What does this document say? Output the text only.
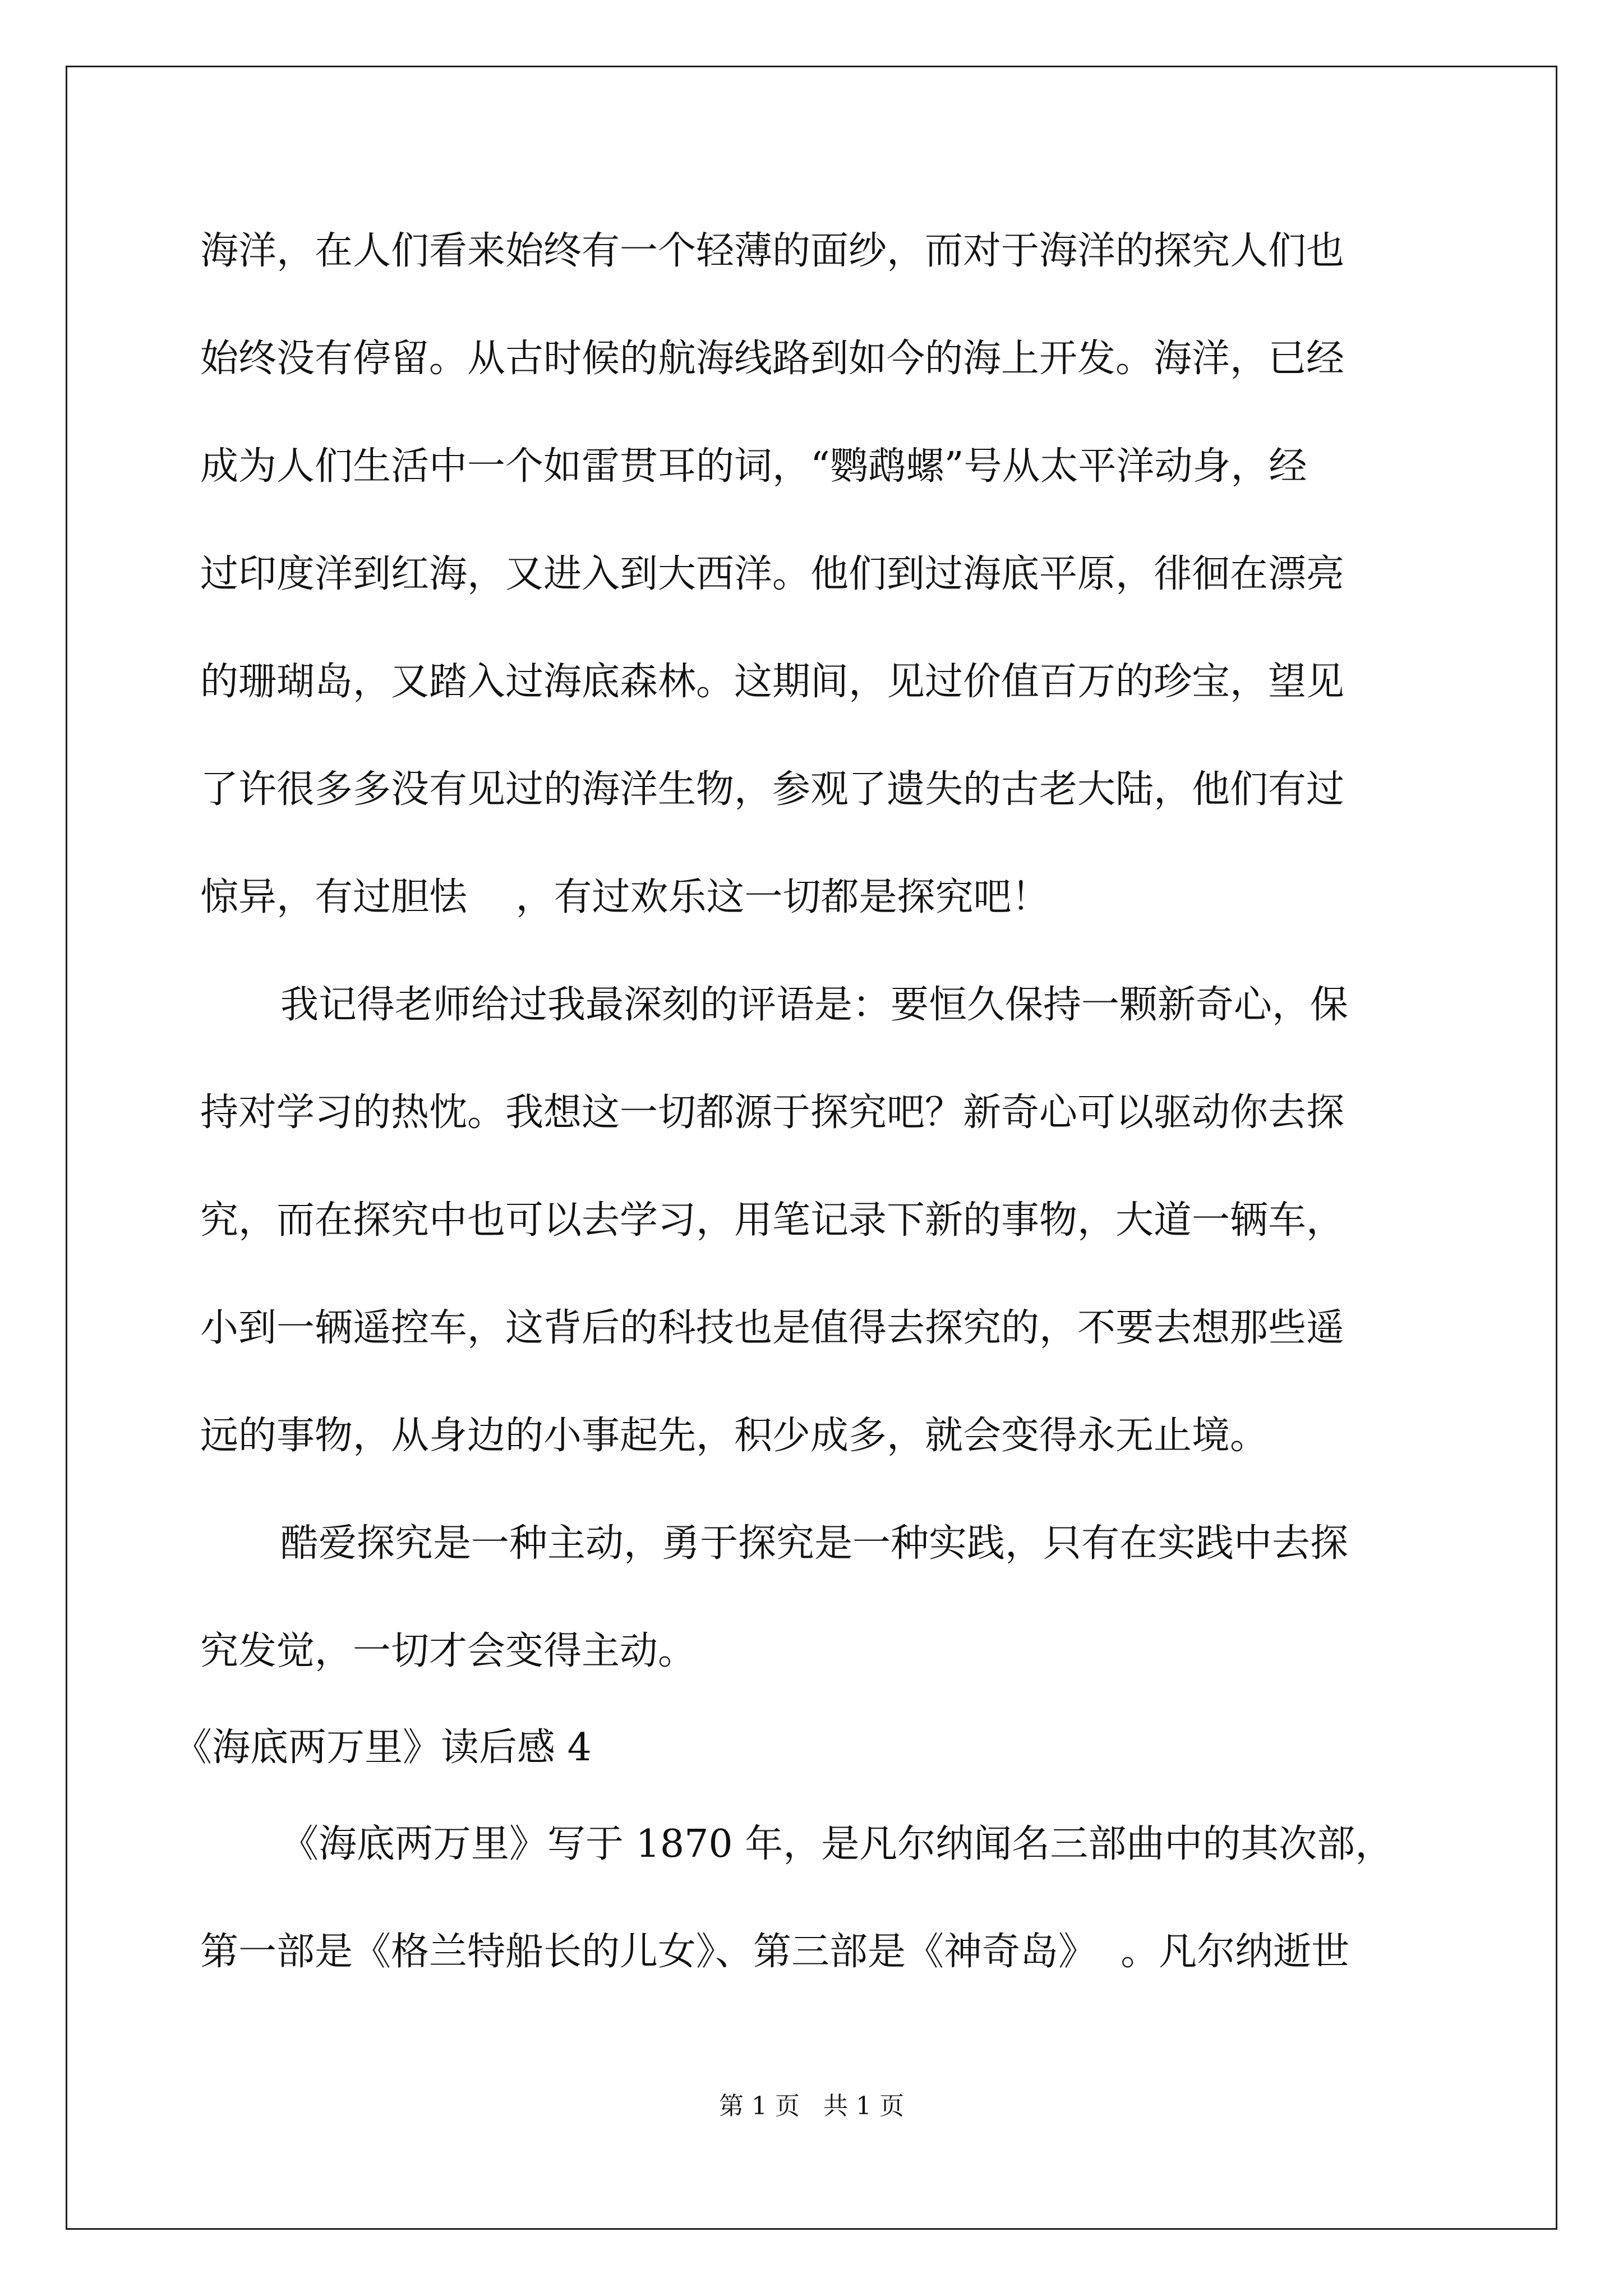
海洋，在人们看来始终有一个轻薄的面纱，而对于海洋的探究人们也
始终没有停留。从古时候的航海线路到如今的海上开发。海洋，已经
成为人们生活中一个如雷贯耳的词，“鹦鹉螺”号从太平洋动身，经
过印度洋到红海，又进入到大西洋。他们到过海底平原，徘徊在漂亮
的珊瑚岛，又踏入过海底森林。这期间，见过价值百万的珍宝，望见
了许很多多没有见过的海洋生物，参观了遗失的古老大陆，他们有过
惊异，有过胆怯    ，有过欢乐这一切都是探究吧！
我记得老师给过我最深刻的评语是：要恒久保持一颗新奇心，保
持对学习的热忱。我想这一切都源于探究吧？新奇心可以驱动你去探
究，而在探究中也可以去学习，用笔记录下新的事物，大道一辆车，
小到一辆遥控车，这背后的科技也是值得去探究的，不要去想那些遥
远的事物，从身边的小事起先，积少成多，就会变得永无止境。
酷爱探究是一种主动，勇于探究是一种实践，只有在实践中去探
究发觉，一切才会变得主动。
《海底两万里》读后感 4
《海底两万里》写于 1870 年，是凡尔纳闻名三部曲中的其次部，
第一部是《格兰特船长的儿女》、第三部是《神奇岛》  。凡尔纳逝世
第 1 页   共 1 页
